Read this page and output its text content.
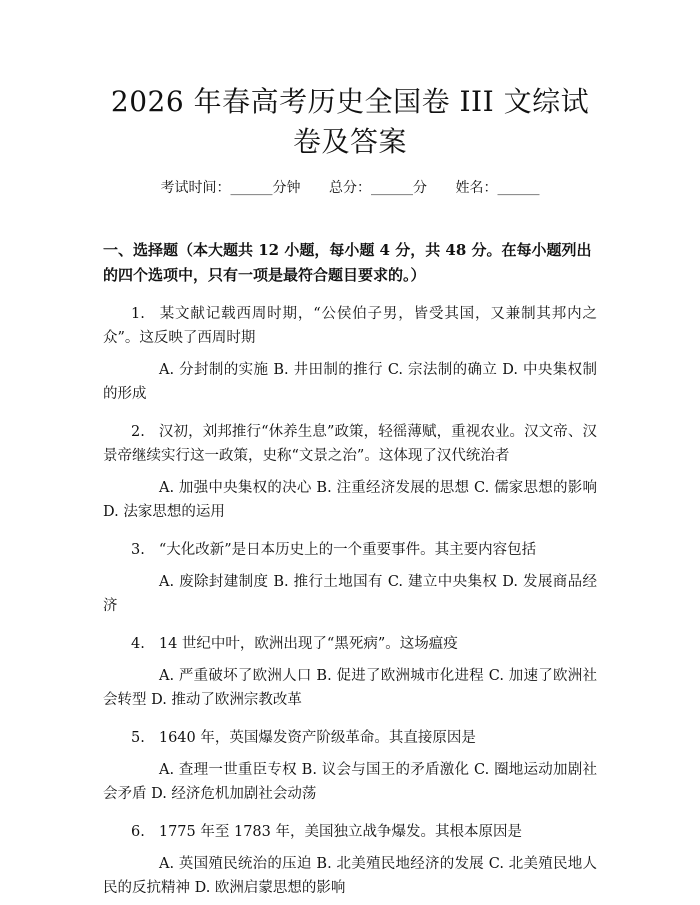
2026 年春高考历史全国卷 III 文综试卷及答案
考试时间：______分钟 总分：______分 姓名：______
一、选择题（本大题共 12 小题，每小题 4 分，共 48 分。在每小题列出的四个选项中，只有一项是最符合题目要求的。）
1. 某文献记载西周时期，“公侯伯子男，皆受其国，又兼制其邦内之众”。这反映了西周时期
A. 分封制的实施 B. 井田制的推行 C. 宗法制的确立 D. 中央集权制的形成
2. 汉初，刘邦推行“休养生息”政策，轻徭薄赋，重视农业。汉文帝、汉景帝继续实行这一政策，史称“文景之治”。这体现了汉代统治者
A. 加强中央集权的决心 B. 注重经济发展的思想 C. 儒家思想的影响 D. 法家思想的运用
3. “大化改新”是日本历史上的一个重要事件。其主要内容包括
A. 废除封建制度 B. 推行土地国有 C. 建立中央集权 D. 发展商品经济
4. 14 世纪中叶，欧洲出现了“黑死病”。这场瘟疫
A. 严重破坏了欧洲人口 B. 促进了欧洲城市化进程 C. 加速了欧洲社会转型 D. 推动了欧洲宗教改革
5. 1640 年，英国爆发资产阶级革命。其直接原因是
A. 查理一世重臣专权 B. 议会与国王的矛盾激化 C. 圈地运动加剧社会矛盾 D. 经济危机加剧社会动荡
6. 1775 年至 1783 年，美国独立战争爆发。其根本原因是
A. 英国殖民统治的压迫 B. 北美殖民地经济的发展 C. 北美殖民地人民的反抗精神 D. 欧洲启蒙思想的影响
